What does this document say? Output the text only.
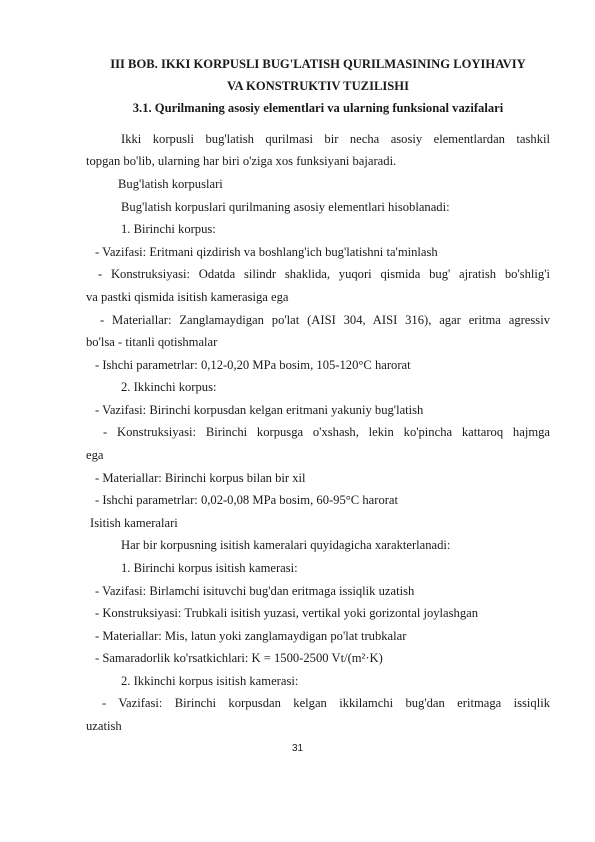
III BOB. IKKI KORPUSLI BUG'LATISH QURILMASINING LOYIHAVIY
VA KONSTRUKTIV TUZILISHI
3.1. Qurilmaning asosiy elementlari va ularning funksional vazifalari
Ikki korpusli bug'latish qurilmasi bir necha asosiy elementlardan tashkil
topgan bo'lib, ularning har biri o'ziga xos funksiyani bajaradi.
Bug'latish korpuslari
Bug'latish korpuslari qurilmaning asosiy elementlari hisoblanadi:
1. Birinchi korpus:
- Vazifasi: Eritmani qizdirish va boshlang'ich bug'latishni ta'minlash
- Konstruksiyasi: Odatda silindr shaklida, yuqori qismida bug' ajratish bo'shlig'i
va pastki qismida isitish kamerasiga ega
- Materiallar: Zanglamaydigan po'lat (AISI 304, AISI 316), agar eritma agressiv
bo'lsa - titanli qotishmalar
- Ishchi parametrlar: 0,12-0,20 MPa bosim, 105-120°C harorat
2. Ikkinchi korpus:
- Vazifasi: Birinchi korpusdan kelgan eritmani yakuniy bug'latish
- Konstruksiyasi: Birinchi korpusga o'xshash, lekin ko'pincha kattaroq hajmga
ega
- Materiallar: Birinchi korpus bilan bir xil
- Ishchi parametrlar: 0,02-0,08 MPa bosim, 60-95°C harorat
Isitish kameralari
Har bir korpusning isitish kameralari quyidagicha xarakterlanadi:
1. Birinchi korpus isitish kamerasi:
- Vazifasi: Birlamchi isituvchi bug'dan eritmaga issiqlik uzatish
- Konstruksiyasi: Trubkali isitish yuzasi, vertikal yoki gorizontal joylashgan
- Materiallar: Mis, latun yoki zanglamaydigan po'lat trubkalar
- Samaradorlik ko'rsatkichlari: K = 1500-2500 Vt/(m²·K)
2. Ikkinchi korpus isitish kamerasi:
- Vazifasi: Birinchi korpusdan kelgan ikkilamchi bug'dan eritmaga issiqlik
uzatish
31
